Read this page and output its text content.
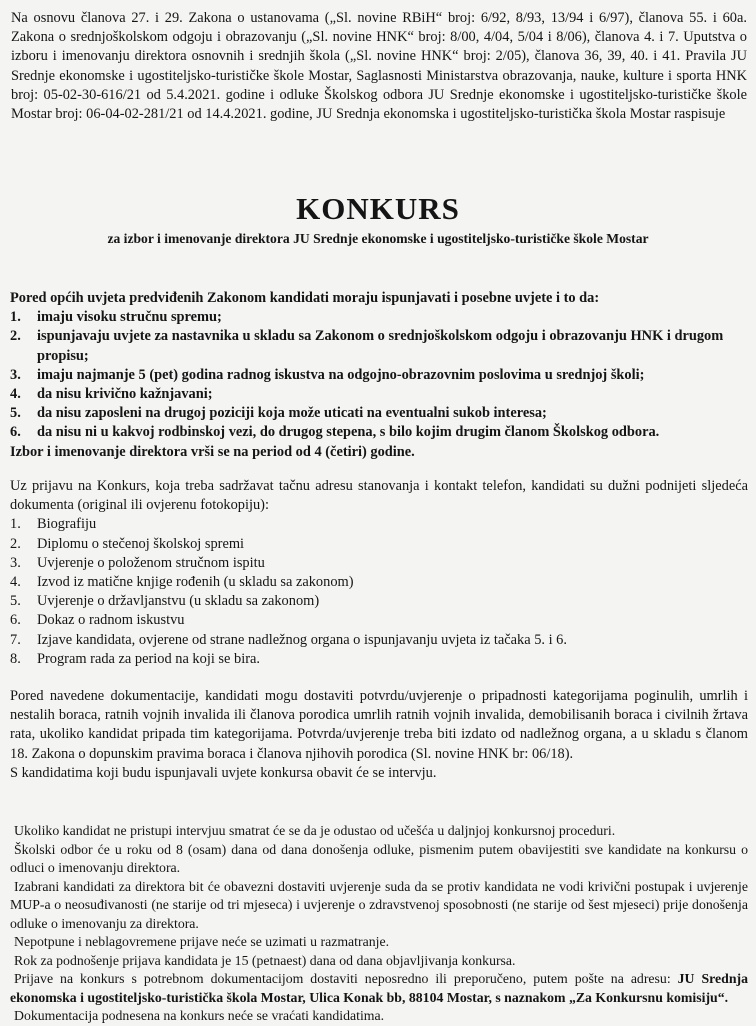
Na osnovu članova 27. i 29. Zakona o ustanovama („Sl. novine RBiH“ broj: 6/92, 8/93, 13/94 i 6/97), članova 55. i 60a. Zakona o srednjoškolskom odgoju i obrazovanju („Sl. novine HNK“ broj: 8/00, 4/04, 5/04 i 8/06), članova 4. i 7. Uputstva o izboru i imenovanju direktora osnovnih i srednjih škola („Sl. novine HNK“ broj: 2/05), članova 36, 39, 40. i 41. Pravila JU Srednje ekonomske i ugostiteljsko-turističke škole Mostar, Saglasnosti Ministarstva obrazovanja, nauke, kulture i sporta HNK broj: 05-02-30-616/21 od 5.4.2021. godine i odluke Školskog odbora JU Srednje ekonomske i ugostiteljsko-turističke škole Mostar broj: 06-04-02-281/21 od 14.4.2021. godine, JU Srednja ekonomska i ugostiteljsko-turistička škola Mostar raspisuje

KONKURS
za izbor i imenovanje direktora JU Srednje ekonomske i ugostiteljsko-turističke škole Mostar

Pored općih uvjeta predviđenih Zakonom kandidati moraju ispunjavati i posebne uvjete i to da:

1.	imaju visoku stručnu spremu;
2.	ispunjavaju uvjete za nastavnika u skladu sa Zakonom o srednjoškolskom odgoju i obrazovanju HNK i drugom propisu;
3.	imaju najmanje 5 (pet) godina radnog iskustva na odgojno-obrazovnim poslovima u srednjoj školi;
4.	da nisu krivično kažnjavani;
5.	da nisu zaposleni na drugoj poziciji koja može uticati na eventualni sukob interesa;
6.	da nisu ni u kakvoj rodbinskoj vezi, do drugog stepena, s bilo kojim drugim članom Školskog odbora.

Izbor i imenovanje direktora vrši se na period od 4 (četiri) godine.

Uz prijavu na Konkurs, koja treba sadržavat tačnu adresu stanovanja i kontakt telefon, kandidati su dužni podnijeti sljedeća dokumenta (original ili ovjerenu fotokopiju):

1.	Biografiju
2.	Diplomu o stečenoj školskoj spremi
3.	Uvjerenje o položenom stručnom ispitu
4.	Izvod iz matične knjige rođenih (u skladu sa zakonom)
5.	Uvjerenje o državljanstvu (u skladu sa zakonom)
6.	Dokaz o radnom iskustvu
7.	Izjave kandidata, ovjerene od strane nadležnog organa o ispunjavanju uvjeta iz tačaka 5. i 6.
8.	Program rada za period na koji se bira.

Pored navedene dokumentacije, kandidati mogu dostaviti potvrdu/uvjerenje o pripadnosti kategorijama poginulih, umrlih i nestalih boraca, ratnih vojnih invalida ili članova porodica umrlih ratnih vojnih invalida, demobilisanih boraca i civilnih žrtava rata, ukoliko kandidat pripada tim kategorijama. Potvrda/uvjerenje treba biti izdato od nadležnog organa, a u skladu s članom 18. Zakona o dopunskim pravima boraca i članova njihovih porodica (Sl. novine HNK br: 06/18).

S kandidatima koji budu ispunjavali uvjete konkursa obavit će se intervju.

Ukoliko kandidat ne pristupi intervjuu smatrat će se da je odustao od učešća u daljnjoj konkursnoj proceduri.

Školski odbor će u roku od 8 (osam) dana od dana donošenja odluke, pismenim putem obavijestiti sve kandidate na konkursu o odluci o imenovanju direktora.

Izabrani kandidati za direktora bit će obavezni dostaviti uvjerenje suda da se protiv kandidata ne vodi krivični postupak i uvjerenje MUP-a o neosuđivanosti (ne starije od tri mjeseca) i uvjerenje o zdravstvenoj sposobnosti (ne starije od šest mjeseci) prije donošenja odluke o imenovanju za direktora.

Nepotpune i neblagovremene prijave neće se uzimati u razmatranje.

Rok za podnošenje prijava kandidata je 15 (petnaest) dana od dana objavljivanja konkursa.

Prijave na konkurs s potrebnom dokumentacijom dostaviti neposredno ili preporučeno, putem pošte na adresu: JU Srednja ekonomska i ugostiteljsko-turistička škola Mostar, Ulica Konak bb, 88104 Mostar, s naznakom „Za Konkursnu komisiju“.

Dokumentacija podnesena na konkurs neće se vraćati kandidatima.
